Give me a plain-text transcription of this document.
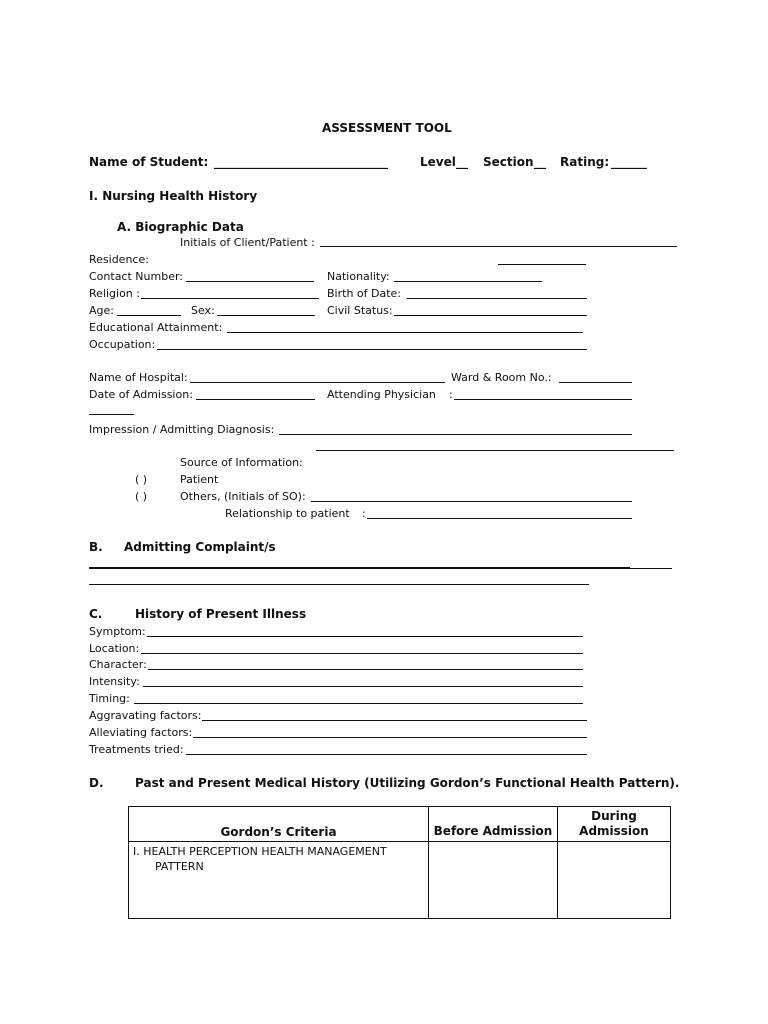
ASSESSMENT TOOL
Name of Student: _____________________________	Level __ Section __ Rating: ______
I. Nursing Health History
A. Biographic Data
Initials of Client/Patient :
Residence:
Contact Number:	Nationality:
Religion :	Birth of Date:
Age:	Sex:	Civil Status:
Educational Attainment:
Occupation:
Name of Hospital:	Ward & Room No.:
Date of Admission:	Attending Physician :
Impression / Admitting Diagnosis:
Source of Information:
( )	Patient
( )	Others, (Initials of SO):
Relationship to patient :
B. Admitting Complaint/s
C.	History of Present Illness
Symptom:
Location:
Character:
Intensity:
Timing:
Aggravating factors:
Alleviating factors:
Treatments tried:
D.	Past and Present Medical History (Utilizing Gordon’s Functional Health Pattern).
Gordon’s Criteria	Before Admission	During Admission

I. HEALTH PERCEPTION HEALTH MANAGEMENT PATTERN		
